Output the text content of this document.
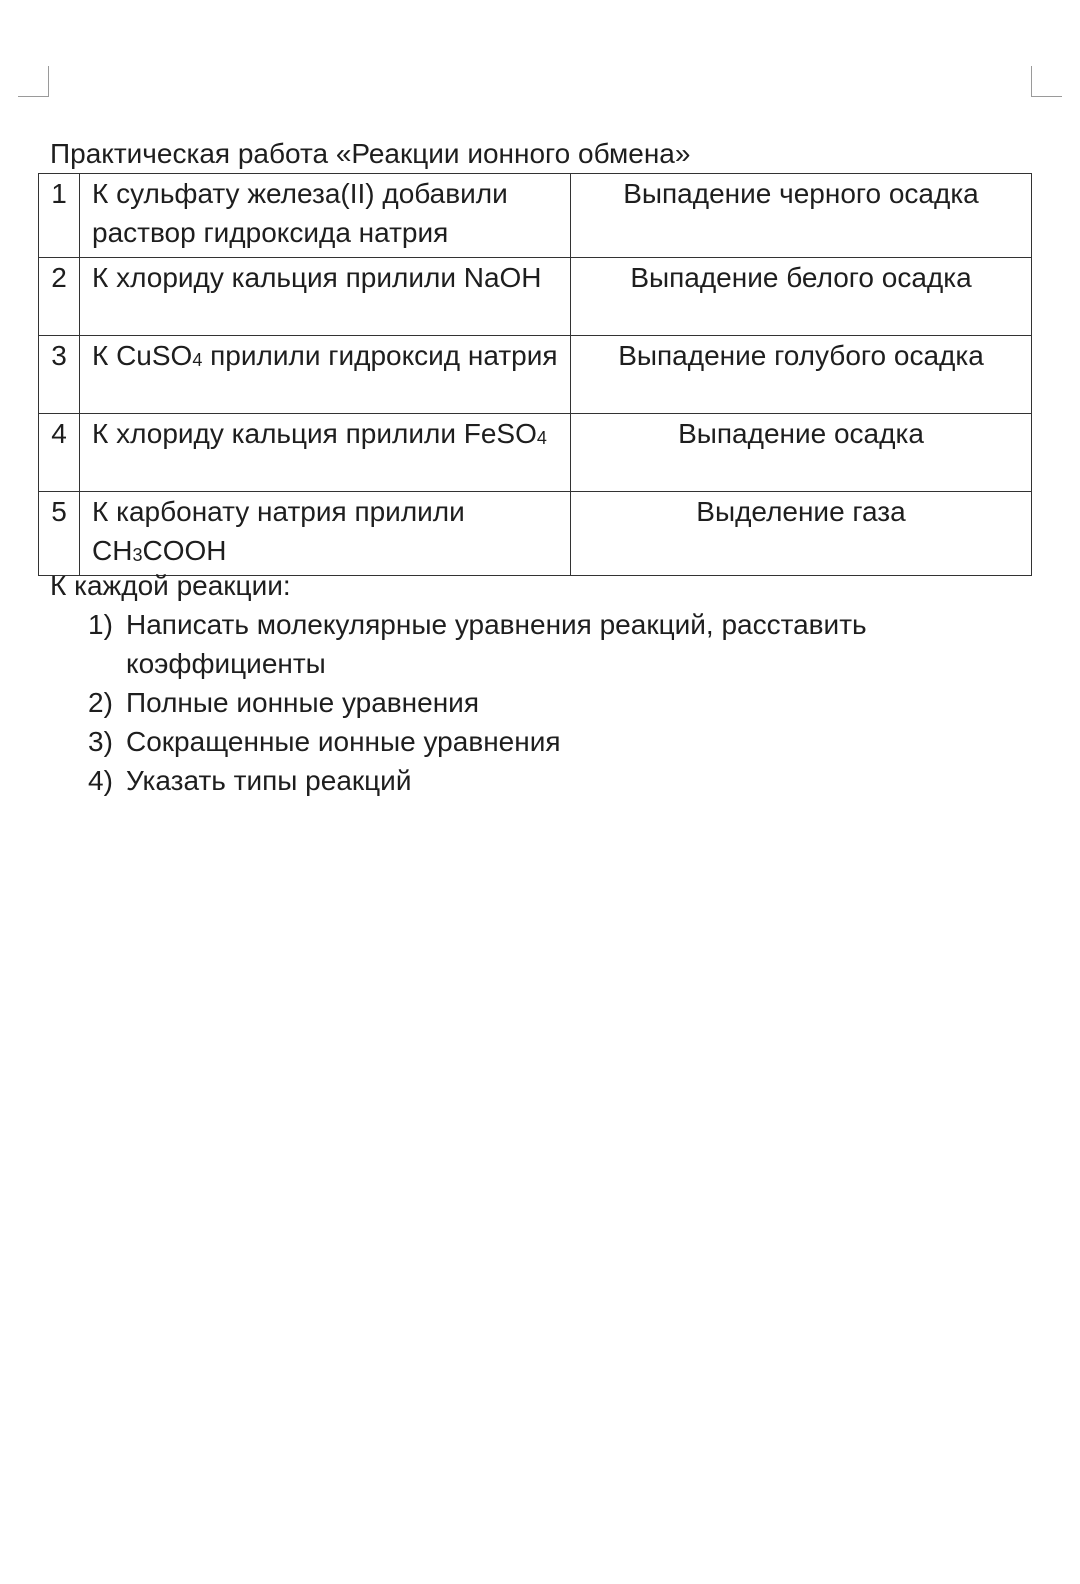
Практическая работа «Реакции ионного обмена»
1	К сульфату железа(II) добавили раствор гидроксида натрия	Выпадение черного осадка
2	К хлориду кальция прилили NaOH	Выпадение белого осадка
3	К CuSO4 прилили гидроксид натрия	Выпадение голубого осадка
4	К хлориду кальция прилили FeSO4	Выпадение осадка
5	К карбонату натрия прилили CH3COOH	Выделение газа
К каждой реакции:
1) Написать молекулярные уравнения реакций, расставить коэффициенты
2) Полные ионные уравнения
3) Сокращенные ионные уравнения
4) Указать типы реакций
